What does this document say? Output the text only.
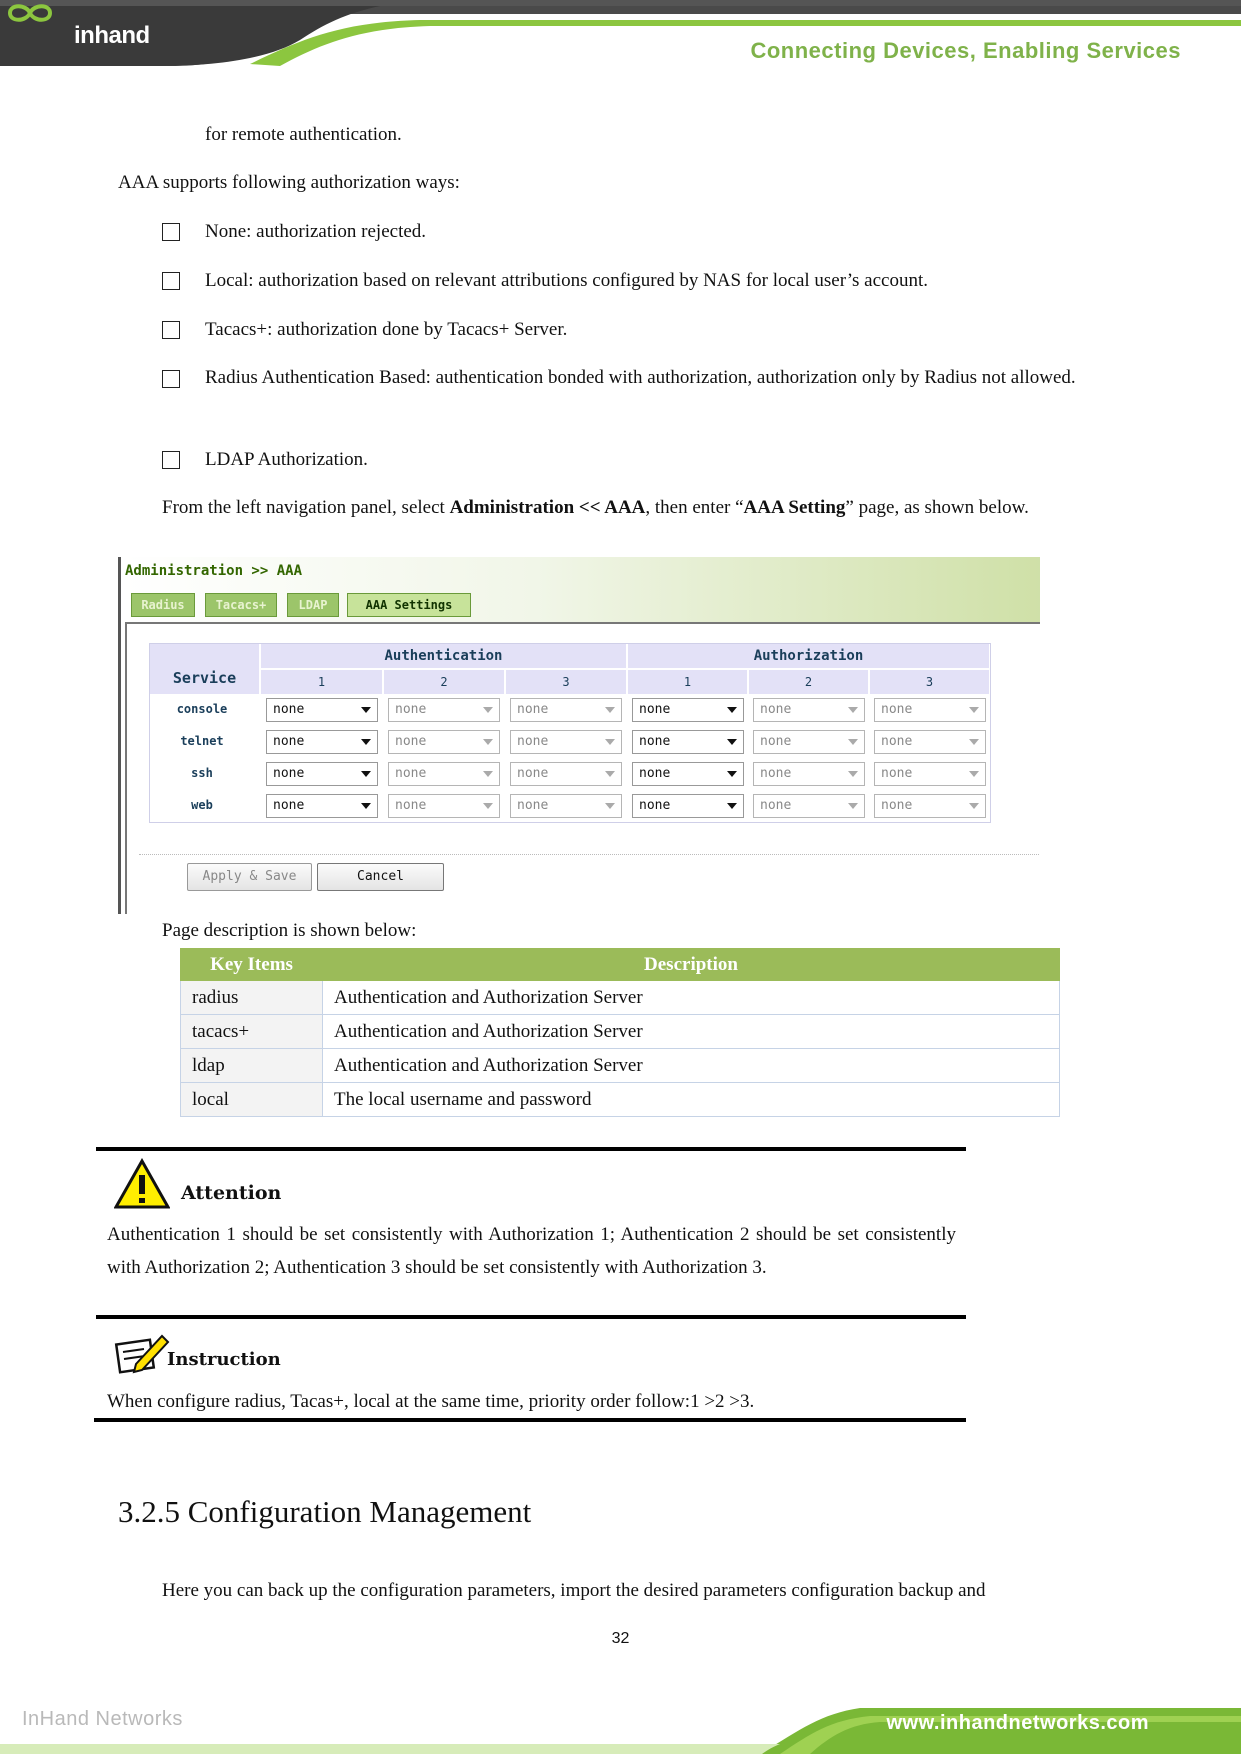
inhand
Connecting Devices, Enabling Services
for remote authentication.
AAA supports following authorization ways:
None: authorization rejected.
Local: authorization based on relevant attributions configured by NAS for local user’s account.
Tacacs+: authorization done by Tacacs+ Server.
Radius Authentication Based: authentication bonded with authorization, authorization only by Radius not allowed.
LDAP Authorization.
From the left navigation panel, select Administration << AAA, then enter “AAA Setting” page, as shown below.
Administration >> AAA
Radius	Tacacs+	LDAP	AAA Settings
Service
Authentication	Authorization
1	2	3	1	2	3
console	none	none	none	none	none	none
telnet	none	none	none	none	none	none
ssh	none	none	none	none	none	none
web	none	none	none	none	none	none
Apply & Save	Cancel
Page description is shown below:
Key Items	Description
radius	Authentication and Authorization Server
tacacs+	Authentication and Authorization Server
ldap	Authentication and Authorization Server
local	The local username and password
Attention
Authentication 1 should be set consistently with Authorization 1; Authentication 2 should be set consistently with Authorization 2; Authentication 3 should be set consistently with Authorization 3.
Instruction
When configure radius, Tacas+, local at the same time, priority order follow:1 >2 >3.
3.2.5 Configuration Management
Here you can back up the configuration parameters, import the desired parameters configuration backup and
32
InHand Networks	www.inhandnetworks.com
